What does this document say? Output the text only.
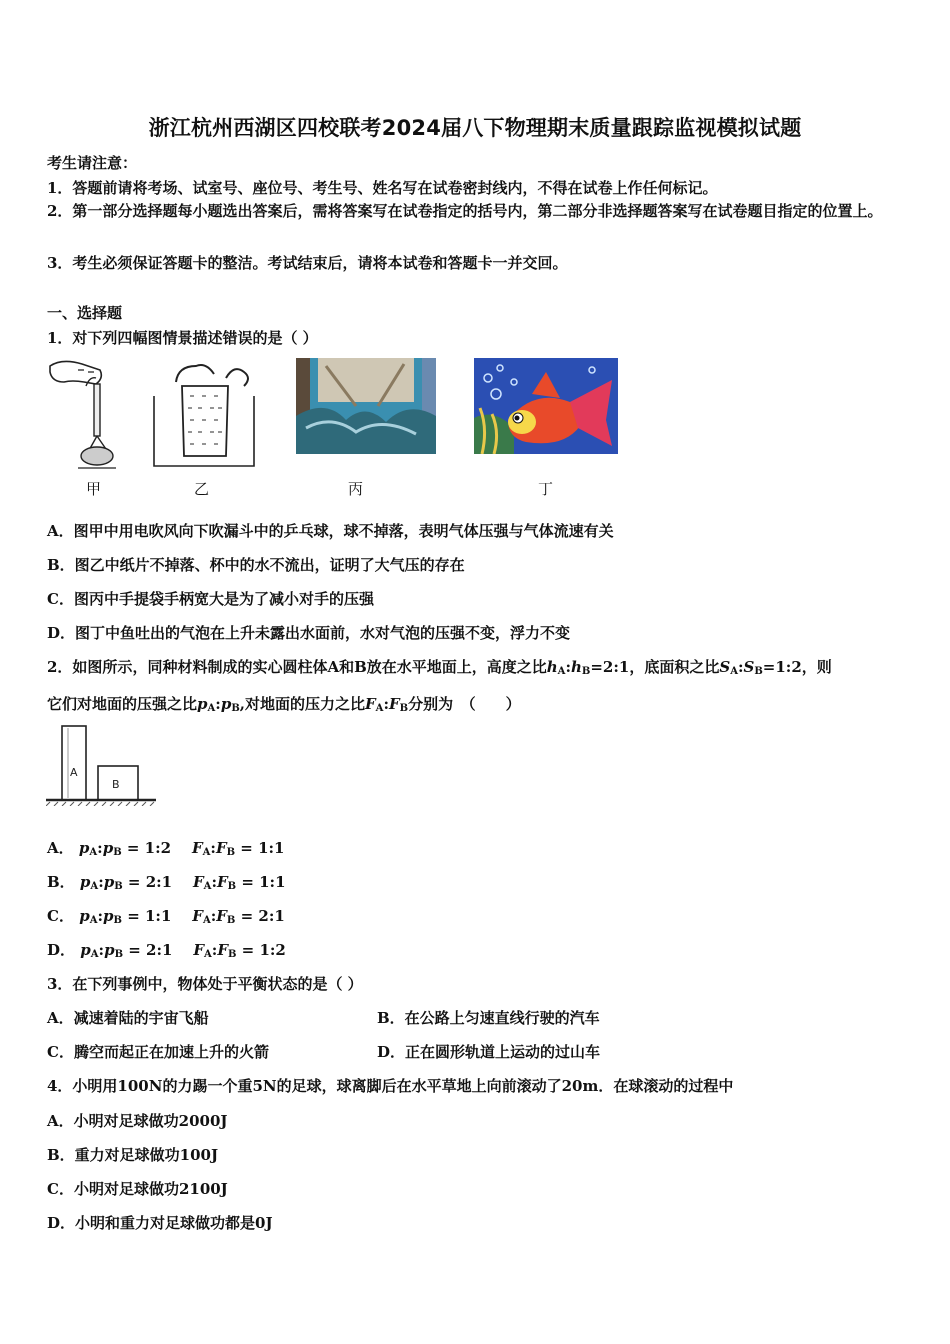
浙江杭州西湖区四校联考2024届八下物理期末质量跟踪监视模拟试题
考生请注意：
1．答题前请将考场、试室号、座位号、考生号、姓名写在试卷密封线内，不得在试卷上作任何标记。
2．第一部分选择题每小题选出答案后，需将答案写在试卷指定的括号内，第二部分非选择题答案写在试卷题目指定的位置上。
3．考生必须保证答题卡的整洁。考试结束后，请将本试卷和答题卡一并交回。
一、选择题
1．对下列四幅图情景描述错误的是（ ）
甲	乙	丙	丁
A．图甲中用电吹风向下吹漏斗中的乒乓球，球不掉落，表明气体压强与气体流速有关
B．图乙中纸片不掉落、杯中的水不流出，证明了大气压的存在
C．图丙中手提袋手柄宽大是为了减小对手的压强
D．图丁中鱼吐出的气泡在上升未露出水面前，水对气泡的压强不变，浮力不变
2．如图所示，同种材料制成的实心圆柱体A和B放在水平地面上，高度之比$h_A:h_B=2:1$，底面积之比$S_A:S_B=1:2$，则
它们对地面的压强之比$p_A:p_B$,对地面的压力之比$F_A:F_B$分别为　（　　）
A
B
A． $p_A:p_B$ = 1:2 $F_A:F_B$ = 1:1
B． $p_A:p_B$ = 2:1 $F_A:F_B$ = 1:1
C． $p_A:p_B$ = 1:1 $F_A:F_B$ = 2:1
D． $p_A:p_B$ = 2:1 $F_A:F_B$ = 1:2
3．在下列事例中，物体处于平衡状态的是（ ）
A．减速着陆的宇宙飞船	B．在公路上匀速直线行驶的汽车
C．腾空而起正在加速上升的火箭	D．正在圆形轨道上运动的过山车
4．小明用100N的力踢一个重5N的足球，球离脚后在水平草地上向前滚动了20m．在球滚动的过程中
A．小明对足球做功2000J
B．重力对足球做功100J
C．小明对足球做功2100J
D．小明和重力对足球做功都是0J
